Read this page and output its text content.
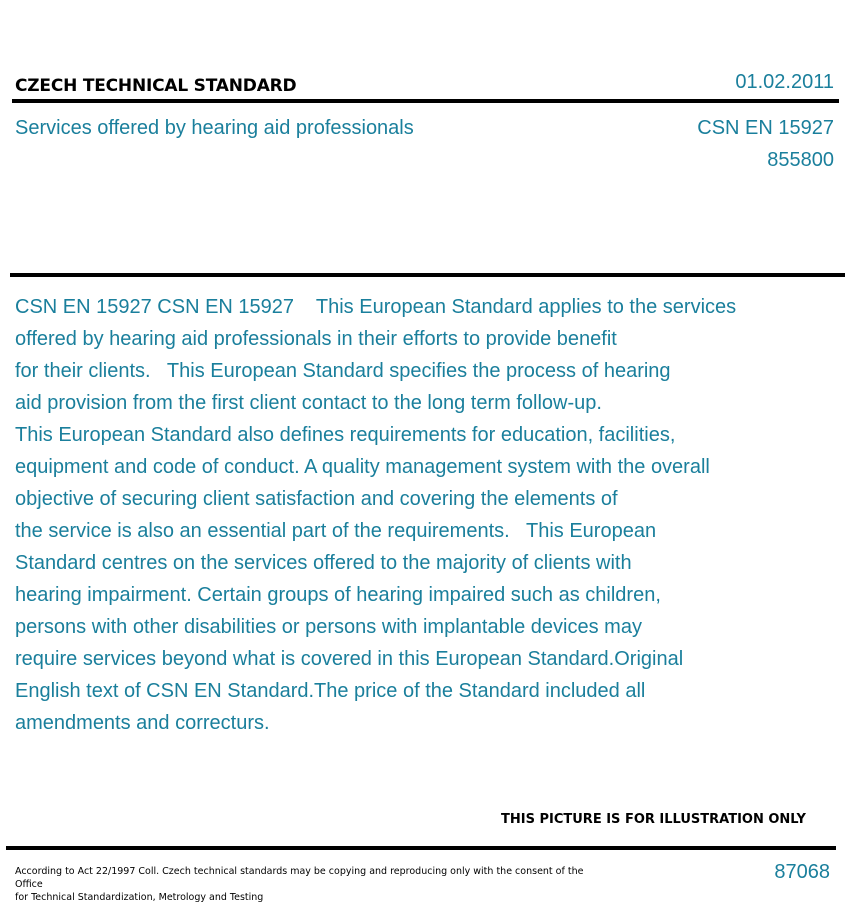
CZECH TECHNICAL STANDARD	01.02.2011
Services offered by hearing aid professionals	CSN EN 15927
855800
CSN EN 15927 CSN EN 15927    This European Standard applies to the services
offered by hearing aid professionals in their efforts to provide benefit
for their clients.   This European Standard specifies the process of hearing
aid provision from the first client contact to the long term follow-up.
This European Standard also defines requirements for education, facilities,
equipment and code of conduct. A quality management system with the overall
objective of securing client satisfaction and covering the elements of
the service is also an essential part of the requirements.   This European
Standard centres on the services offered to the majority of clients with
hearing impairment. Certain groups of hearing impaired such as children,
persons with other disabilities or persons with implantable devices may
require services beyond what is covered in this European Standard.Original
English text of CSN EN Standard.The price of the Standard included all
amendments and correcturs.
THIS PICTURE IS FOR ILLUSTRATION ONLY
According to Act 22/1997 Coll. Czech technical standards may be copying and reproducing only with the consent of the Office
for Technical Standardization, Metrology and Testing
87068
